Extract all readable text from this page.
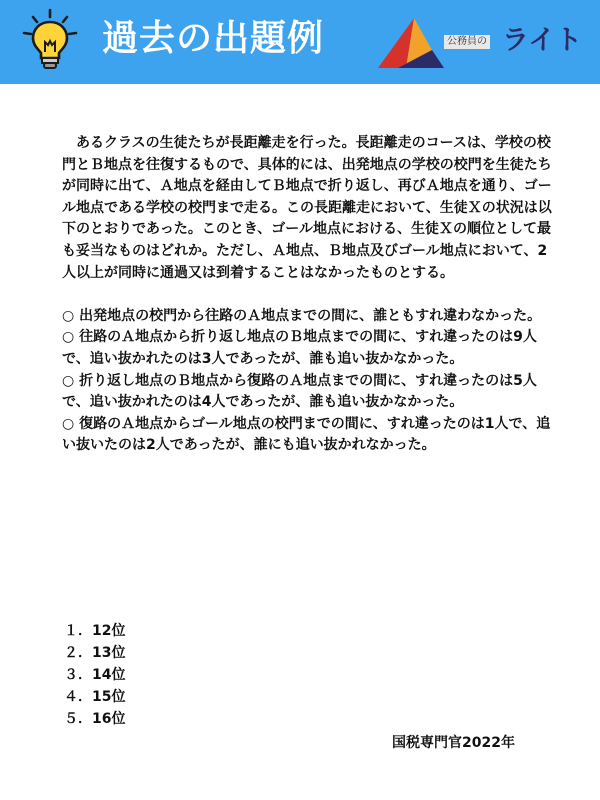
過去の出題例	公務員の ライト

あるクラスの生徒たちが長距離走を行った。長距離走のコースは、学校の校門とＢ地点を往復するもので、具体的には、出発地点の学校の校門を生徒たちが同時に出て、Ａ地点を経由してＢ地点で折り返し、再びＡ地点を通り、ゴール地点である学校の校門まで走る。この長距離走において、生徒Ｘの状況は以下のとおりであった。このとき、ゴール地点における、生徒Ｘの順位として最も妥当なものはどれか。ただし、Ａ地点、Ｂ地点及びゴール地点において、2人以上が同時に通過又は到着することはなかったものとする。

○ 出発地点の校門から往路のＡ地点までの間に、誰ともすれ違わなかった。

○ 往路のＡ地点から折り返し地点のＢ地点までの間に、すれ違ったのは9人で、追い抜かれたのは3人であったが、誰も追い抜かなかった。

○ 折り返し地点のＢ地点から復路のＡ地点までの間に、すれ違ったのは5人で、追い抜かれたのは4人であったが、誰も追い抜かなかった。

○ 復路のＡ地点からゴール地点の校門までの間に、すれ違ったのは1人で、追い抜いたのは2人であったが、誰にも追い抜かれなかった。

１．12位

２．13位

３．14位

４．15位

５．16位

国税専門官2022年
